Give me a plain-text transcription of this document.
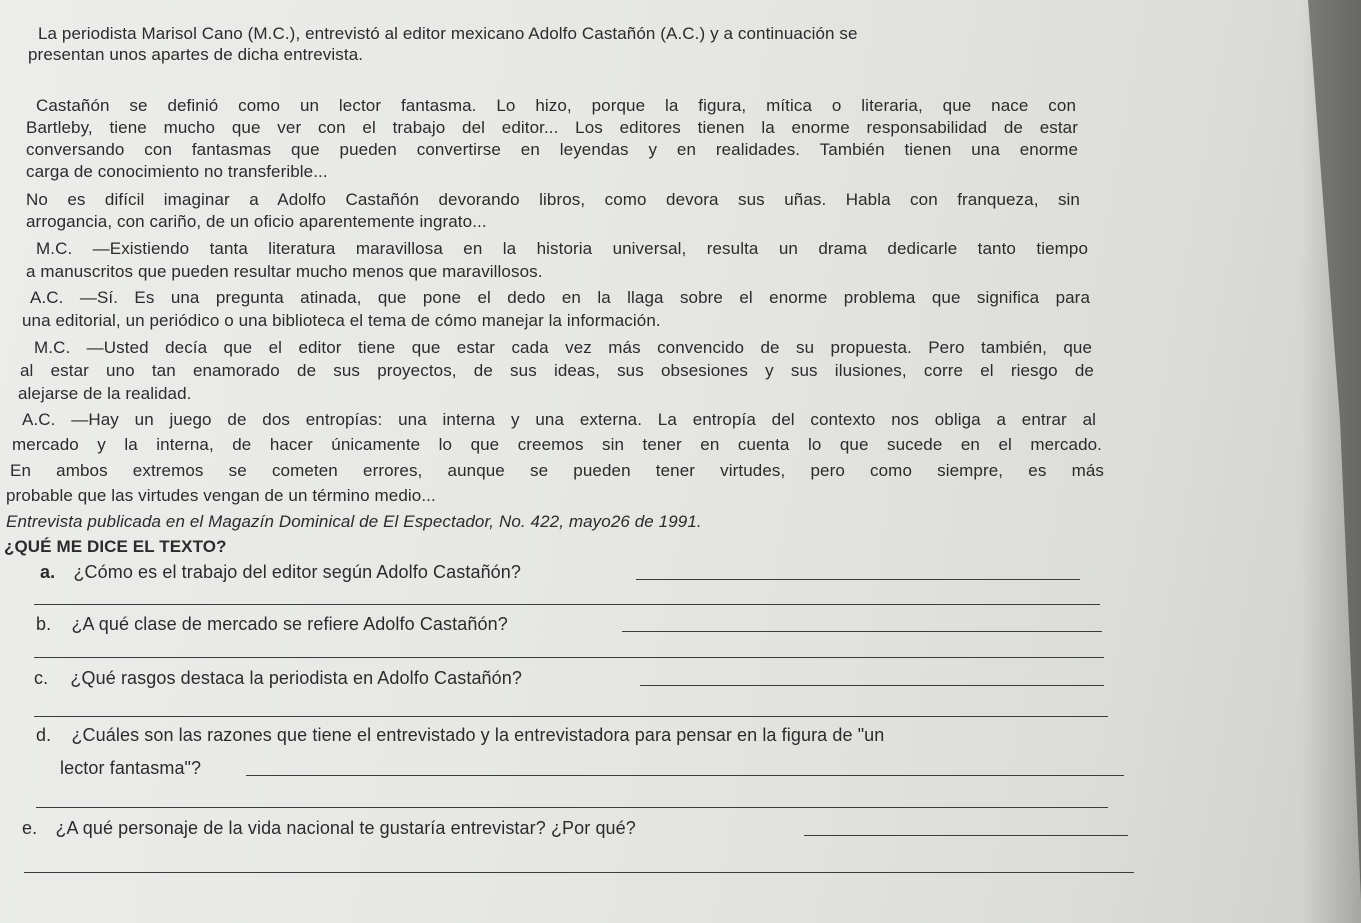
La periodista Marisol Cano (M.C.), entrevistó al editor mexicano Adolfo Castañón (A.C.) y a continuación se
presentan unos apartes de dicha entrevista.
Castañón se definió como un lector fantasma. Lo hizo, porque la figura, mítica o literaria, que nace con
Bartleby, tiene mucho que ver con el trabajo del editor... Los editores tienen la enorme responsabilidad de estar
conversando con fantasmas que pueden convertirse en leyendas y en realidades. También tienen una enorme
carga de conocimiento no transferible...
No es difícil imaginar a Adolfo Castañón devorando libros, como devora sus uñas. Habla con franqueza, sin
arrogancia, con cariño, de un oficio aparentemente ingrato...
M.C. —Existiendo tanta literatura maravillosa en la historia universal, resulta un drama dedicarle tanto tiempo
a manuscritos que pueden resultar mucho menos que maravillosos.
A.C. —Sí. Es una pregunta atinada, que pone el dedo en la llaga sobre el enorme problema que significa para
una editorial, un periódico o una biblioteca el tema de cómo manejar la información.
M.C. —Usted decía que el editor tiene que estar cada vez más convencido de su propuesta. Pero también, que
al estar uno tan enamorado de sus proyectos, de sus ideas, sus obsesiones y sus ilusiones, corre el riesgo de
alejarse de la realidad.
A.C. —Hay un juego de dos entropías: una interna y una externa. La entropía del contexto nos obliga a entrar al
mercado y la interna, de hacer únicamente lo que creemos sin tener en cuenta lo que sucede en el mercado.
En ambos extremos se cometen errores, aunque se pueden tener virtudes, pero como siempre, es más
probable que las virtudes vengan de un término medio...
Entrevista publicada en el Magazín Dominical de El Espectador, No. 422, mayo26 de 1991.
¿QUÉ ME DICE EL TEXTO?
a. ¿Cómo es el trabajo del editor según Adolfo Castañón?
b. ¿A qué clase de mercado se refiere Adolfo Castañón?
c. ¿Qué rasgos destaca la periodista en Adolfo Castañón?
d. ¿Cuáles son las razones que tiene el entrevistado y la entrevistadora para pensar en la figura de "un
lector fantasma"?
e. ¿A qué personaje de la vida nacional te gustaría entrevistar? ¿Por qué?
